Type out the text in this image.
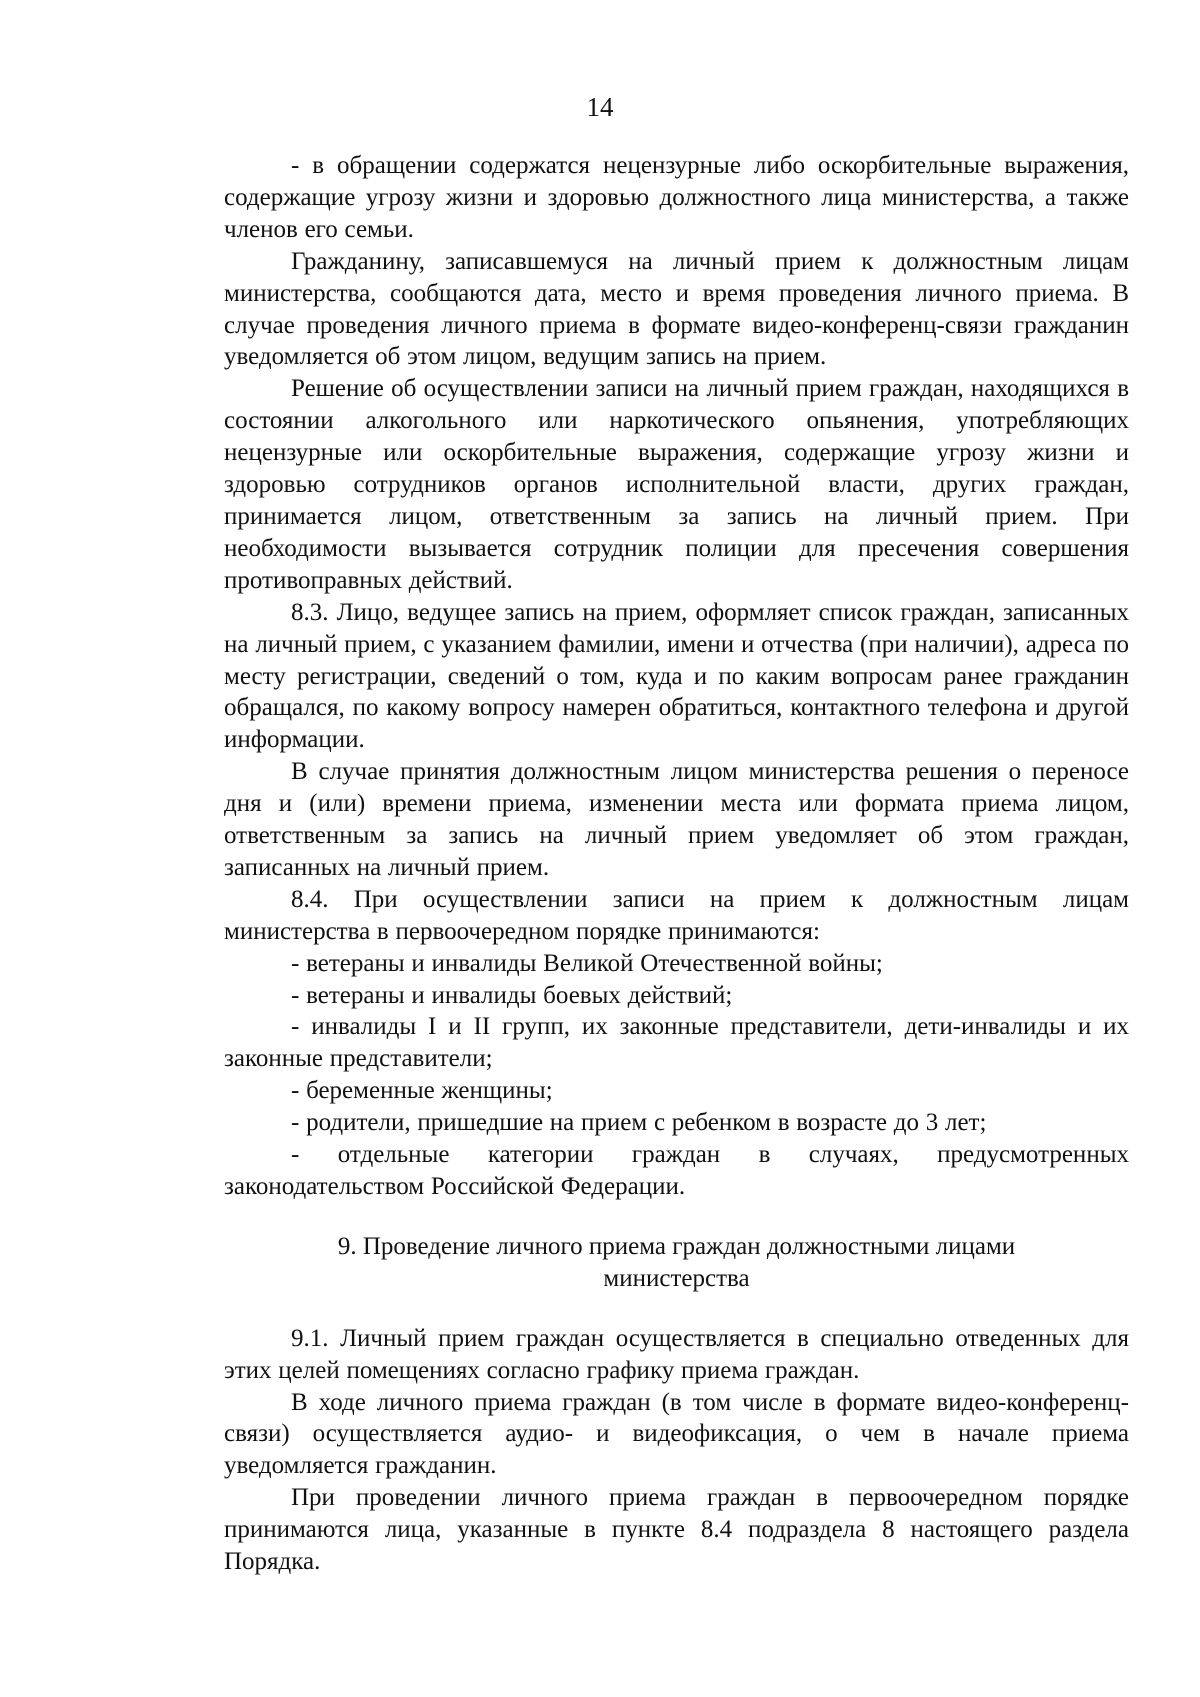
14

- в обращении содержатся нецензурные либо оскорбительные выражения, содержащие угрозу жизни и здоровью должностного лица министерства, а также членов его семьи.

Гражданину, записавшемуся на личный прием к должностным лицам министерства, сообщаются дата, место и время проведения личного приема. В случае проведения личного приема в формате видео-конференц-связи гражданин уведомляется об этом лицом, ведущим запись на прием.

Решение об осуществлении записи на личный прием граждан, находящихся в состоянии алкогольного или наркотического опьянения, употребляющих нецензурные или оскорбительные выражения, содержащие угрозу жизни и здоровью сотрудников органов исполнительной власти, других граждан, принимается лицом, ответственным за запись на личный прием. При необходимости вызывается сотрудник полиции для пресечения совершения противоправных действий.

8.3. Лицо, ведущее запись на прием, оформляет список граждан, записанных на личный прием, с указанием фамилии, имени и отчества (при наличии), адреса по месту регистрации, сведений о том, куда и по каким вопросам ранее гражданин обращался, по какому вопросу намерен обратиться, контактного телефона и другой информации.

В случае принятия должностным лицом министерства решения о переносе дня и (или) времени приема, изменении места или формата приема лицом, ответственным за запись на личный прием уведомляет об этом граждан, записанных на личный прием.

8.4. При осуществлении записи на прием к должностным лицам министерства в первоочередном порядке принимаются:

- ветераны и инвалиды Великой Отечественной войны;

- ветераны и инвалиды боевых действий;

- инвалиды I и II групп, их законные представители, дети-инвалиды и их законные представители;

- беременные женщины;

- родители, пришедшие на прием с ребенком в возрасте до 3 лет;

- отдельные категории граждан в случаях, предусмотренных законодательством Российской Федерации.

9. Проведение личного приема граждан должностными лицами
министерства

9.1. Личный прием граждан осуществляется в специально отведенных для этих целей помещениях согласно графику приема граждан.

В ходе личного приема граждан (в том числе в формате видео-конференц-связи) осуществляется аудио- и видеофиксация, о чем в начале приема уведомляется гражданин.

При проведении личного приема граждан в первоочередном порядке принимаются лица, указанные в пункте 8.4 подраздела 8 настоящего раздела Порядка.
